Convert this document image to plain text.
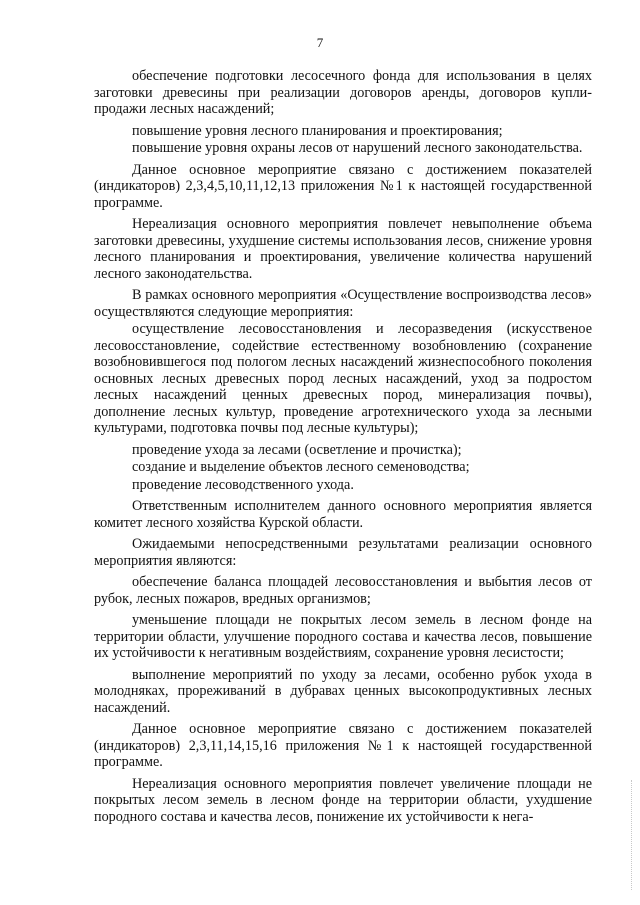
7

обеспечение подготовки лесосечного фонда для использования в целях заготовки древесины при реализации договоров аренды, договоров купли-продажи лесных насаждений;

повышение уровня лесного планирования и проектирования;

повышение уровня охраны лесов от нарушений лесного законодательства.

Данное основное мероприятие связано с достижением показателей (индикаторов) 2,3,4,5,10,11,12,13 приложения №1 к настоящей государственной программе.

Нереализация основного мероприятия повлечет невыполнение объема заготовки древесины, ухудшение системы использования лесов, снижение уровня лесного планирования и проектирования, увеличение количества нарушений лесного законодательства.

В рамках основного мероприятия «Осуществление воспроизводства лесов» осуществляются следующие мероприятия:

осуществление лесовосстановления и лесоразведения (искусственое лесовосстановление, содействие естественному возобновлению (сохранение возобновившегося под пологом лесных насаждений жизнеспособного поколения основных лесных древесных пород лесных насаждений, уход за подростом лесных насаждений ценных древесных пород, минерализация почвы), дополнение лесных культур, проведение агротехнического ухода за лесными культурами, подготовка почвы под лесные культуры);

проведение ухода за лесами (осветление и прочистка);

создание и выделение объектов лесного семеноводства;

проведение лесоводственного ухода.

Ответственным исполнителем данного основного мероприятия является комитет лесного хозяйства Курской области.

Ожидаемыми непосредственными результатами реализации основного мероприятия являются:

обеспечение баланса площадей лесовосстановления и выбытия лесов от рубок, лесных пожаров, вредных организмов;

уменьшение площади не покрытых лесом земель в лесном фонде на территории области, улучшение породного состава и качества лесов, повышение их устойчивости к негативным воздействиям, сохранение уровня лесистости;

выполнение мероприятий по уходу за лесами, особенно рубок ухода в молодняках, прореживаний в дубравах ценных высокопродуктивных лесных насаждений.

Данное основное мероприятие связано с достижением показателей (индикаторов) 2,3,11,14,15,16 приложения №1 к настоящей государственной программе.

Нереализация основного мероприятия повлечет увеличение площади не покрытых лесом земель в лесном фонде на территории области, ухудшение породного состава и качества лесов, понижение их устойчивости к нега-
